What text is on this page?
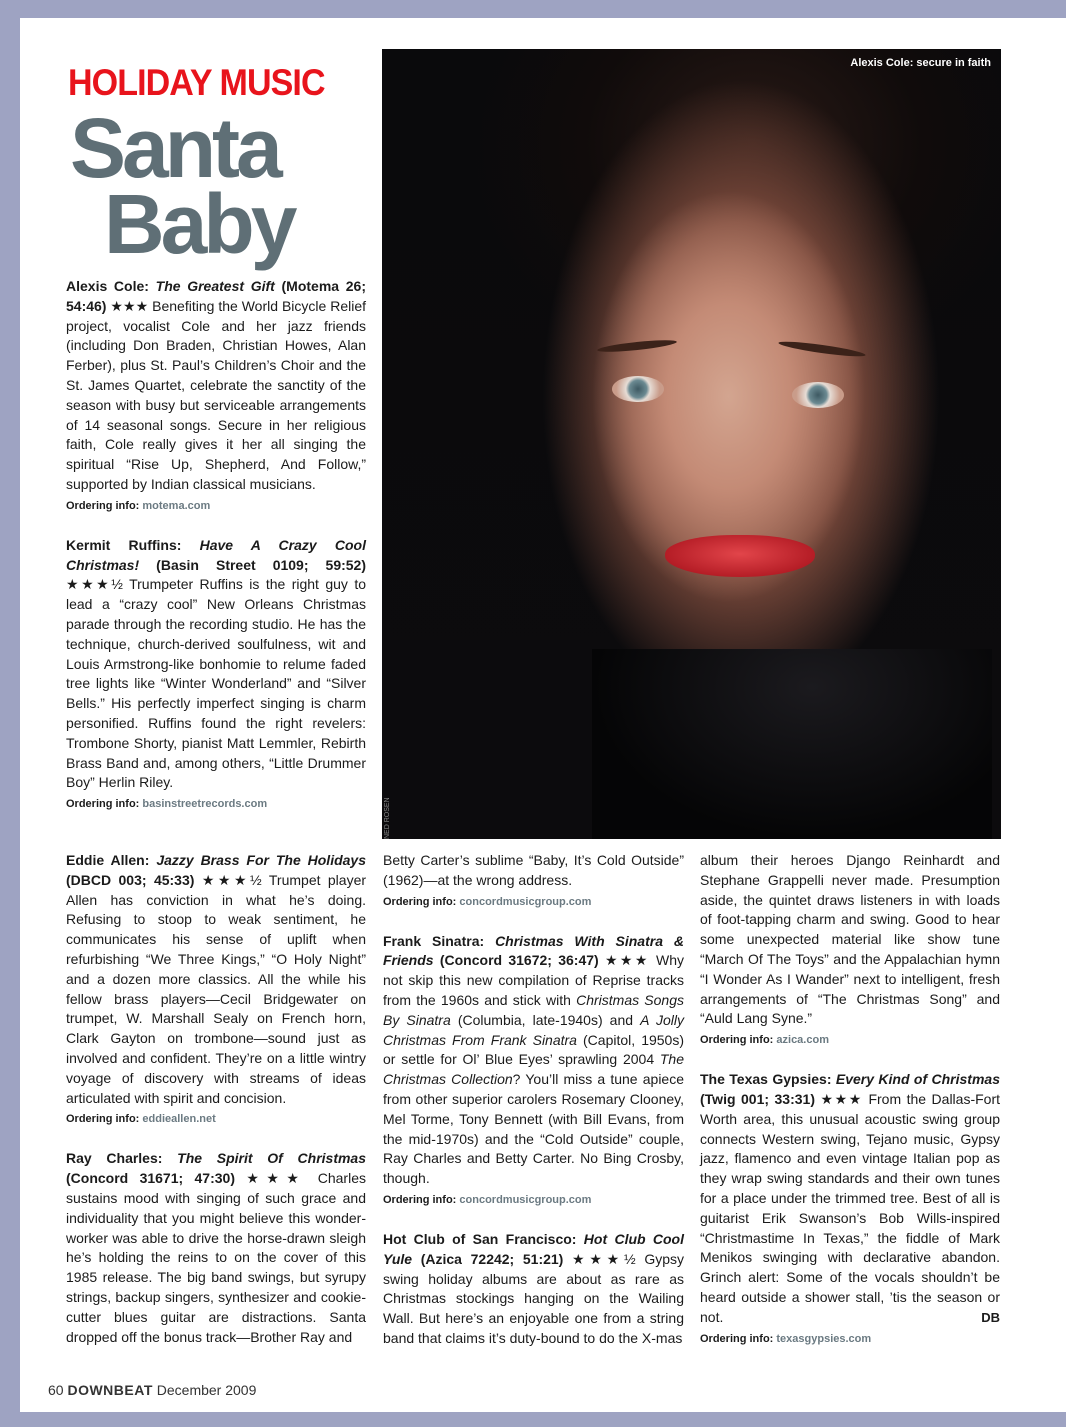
HOLIDAY MUSIC
Santa
Baby
Alexis Cole: secure in faith
NED ROSEN

Alexis Cole: The Greatest Gift (Motema 26; 54:46) ★★★ Benefiting the World Bicycle Relief project, vocalist Cole and her jazz friends (including Don Braden, Christian Howes, Alan Ferber), plus St. Paul’s Children’s Choir and the St. James Quartet, celebrate the sanctity of the season with busy but serviceable arrangements of 14 seasonal songs. Secure in her religious faith, Cole really gives it her all singing the spiritual “Rise Up, Shepherd, And Follow,” supported by Indian classical musicians.

Ordering info: motema.com

Kermit Ruffins: Have A Crazy Cool Christmas! (Basin Street 0109; 59:52) ★★★½ Trumpeter Ruffins is the right guy to lead a “crazy cool” New Orleans Christmas parade through the recording studio. He has the technique, church-derived soulfulness, wit and Louis Armstrong-like bonhomie to relume faded tree lights like “Winter Wonderland” and “Silver Bells.” His perfectly imperfect singing is charm personified. Ruffins found the right revelers: Trombone Shorty, pianist Matt Lemmler, Rebirth Brass Band and, among others, “Little Drummer Boy” Herlin Riley.

Ordering info: basinstreetrecords.com

Eddie Allen: Jazzy Brass For The Holidays (DBCD 003; 45:33) ★★★½ Trumpet player Allen has conviction in what he’s doing. Refusing to stoop to weak sentiment, he communicates his sense of uplift when refurbishing “We Three Kings,” “O Holy Night” and a dozen more classics. All the while his fellow brass players—Cecil Bridgewater on trumpet, W. Marshall Sealy on French horn, Clark Gayton on trombone—sound just as involved and confident. They’re on a little wintry voyage of discovery with streams of ideas articulated with spirit and concision.

Ordering info: eddieallen.net

Ray Charles: The Spirit Of Christmas (Concord 31671; 47:30) ★★★ Charles sustains mood with singing of such grace and individuality that you might believe this wonder-worker was able to drive the horse-drawn sleigh he’s holding the reins to on the cover of this 1985 release. The big band swings, but syrupy strings, backup singers, synthesizer and cookie-cutter blues guitar are distractions. Santa dropped off the bonus track—Brother Ray and

Betty Carter’s sublime “Baby, It’s Cold Outside” (1962)—at the wrong address.

Ordering info: concordmusicgroup.com

Frank Sinatra: Christmas With Sinatra & Friends (Concord 31672; 36:47) ★★★ Why not skip this new compilation of Reprise tracks from the 1960s and stick with Christmas Songs By Sinatra (Columbia, late-1940s) and A Jolly Christmas From Frank Sinatra (Capitol, 1950s) or settle for Ol’ Blue Eyes’ sprawling 2004 The Christmas Collection? You’ll miss a tune apiece from other superior carolers Rosemary Clooney, Mel Torme, Tony Bennett (with Bill Evans, from the mid-1970s) and the “Cold Outside” couple, Ray Charles and Betty Carter. No Bing Crosby, though.

Ordering info: concordmusicgroup.com

Hot Club of San Francisco: Hot Club Cool Yule (Azica 72242; 51:21) ★★★½ Gypsy swing holiday albums are about as rare as Christmas stockings hanging on the Wailing Wall. But here’s an enjoyable one from a string band that claims it’s duty-bound to do the X-mas

album their heroes Django Reinhardt and Stephane Grappelli never made. Presumption aside, the quintet draws listeners in with loads of foot-tapping charm and swing. Good to hear some unexpected material like show tune “March Of The Toys” and the Appalachian hymn “I Wonder As I Wander” next to intelligent, fresh arrangements of “The Christmas Song” and “Auld Lang Syne.”

Ordering info: azica.com

The Texas Gypsies: Every Kind of Christmas (Twig 001; 33:31) ★★★ From the Dallas-Fort Worth area, this unusual acoustic swing group connects Western swing, Tejano music, Gypsy jazz, flamenco and even vintage Italian pop as they wrap swing standards and their own tunes for a place under the trimmed tree. Best of all is guitarist Erik Swanson’s Bob Wills-inspired “Christmastime In Texas,” the fiddle of Mark Menikos swinging with declarative abandon. Grinch alert: Some of the vocals shouldn’t be heard outside a shower stall, ’tis the season or not.	DB

Ordering info: texasgypsies.com
60 DOWNBEAT December 2009
